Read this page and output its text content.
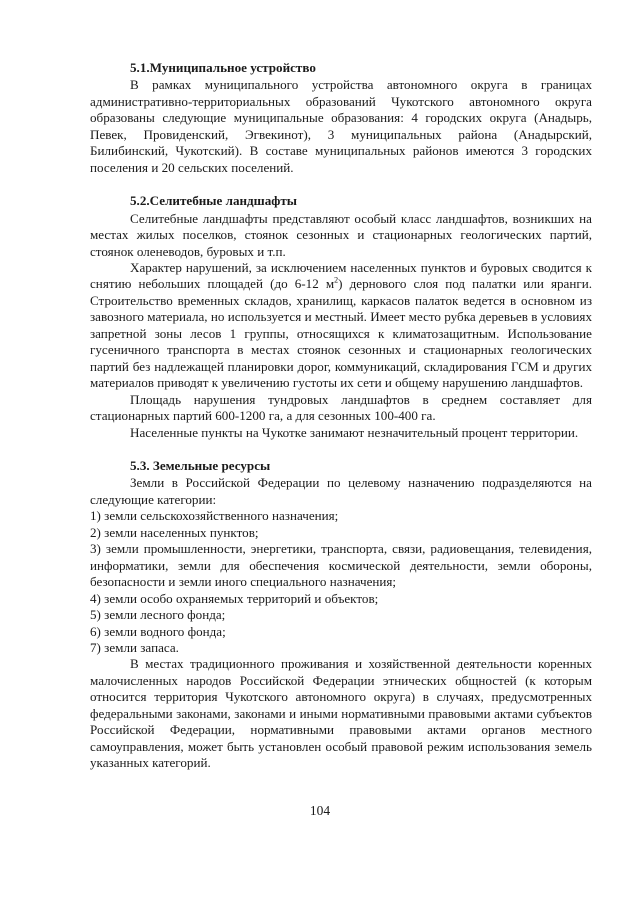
5.1.Муниципальное устройство

В рамках муниципального устройства автономного округа в границах административно-территориальных образований Чукотского автономного округа образованы следующие муниципальные образования: 4 городских округа (Анадырь, Певек, Провиденский, Эгвекинот), 3 муниципальных района (Анадырский, Билибинский, Чукотский). В составе муниципальных районов имеются 3 городских поселения и 20 сельских поселений.

5.2.Селитебные ландшафты

Селитебные ландшафты представляют особый класс ландшафтов, возникших на местах жилых поселков, стоянок сезонных и стационарных геологических партий, стоянок оленеводов, буровых и т.п.

Характер нарушений, за исключением населенных пунктов и буровых сводится к снятию небольших площадей (до 6-12 $м^2$) дернового слоя под палатки или яранги. Строительство временных складов, хранилищ, каркасов палаток ведется в основном из завозного материала, но используется и местный. Имеет место рубка деревьев в условиях запретной зоны лесов 1 группы, относящихся к климатозащитным. Использование гусеничного транспорта в местах стоянок сезонных и стационарных геологических партий без надлежащей планировки дорог, коммуникаций, складирования ГСМ и других материалов приводят к увеличению густоты их сети и общему нарушению ландшафтов.

Площадь нарушения тундровых ландшафтов в среднем составляет для стационарных партий 600-1200 га, а для сезонных 100-400 га.

Населенные пункты на Чукотке занимают незначительный процент территории.

5.3. Земельные ресурсы

Земли в Российской Федерации по целевому назначению подразделяются на следующие категории:

1) земли сельскохозяйственного назначения;
2) земли населенных пунктов;
3) земли промышленности, энергетики, транспорта, связи, радиовещания, телевидения, информатики, земли для обеспечения космической деятельности, земли обороны, безопасности и земли иного специального назначения;
4) земли особо охраняемых территорий и объектов;
5) земли лесного фонда;
6) земли водного фонда;
7) земли запаса.

В местах традиционного проживания и хозяйственной деятельности коренных малочисленных народов Российской Федерации этнических общностей (к которым относится территория Чукотского автономного округа) в случаях, предусмотренных федеральными законами, законами и иными нормативными правовыми актами субъектов Российской Федерации, нормативными правовыми актами органов местного самоуправления, может быть установлен особый правовой режим использования земель указанных категорий.

104
